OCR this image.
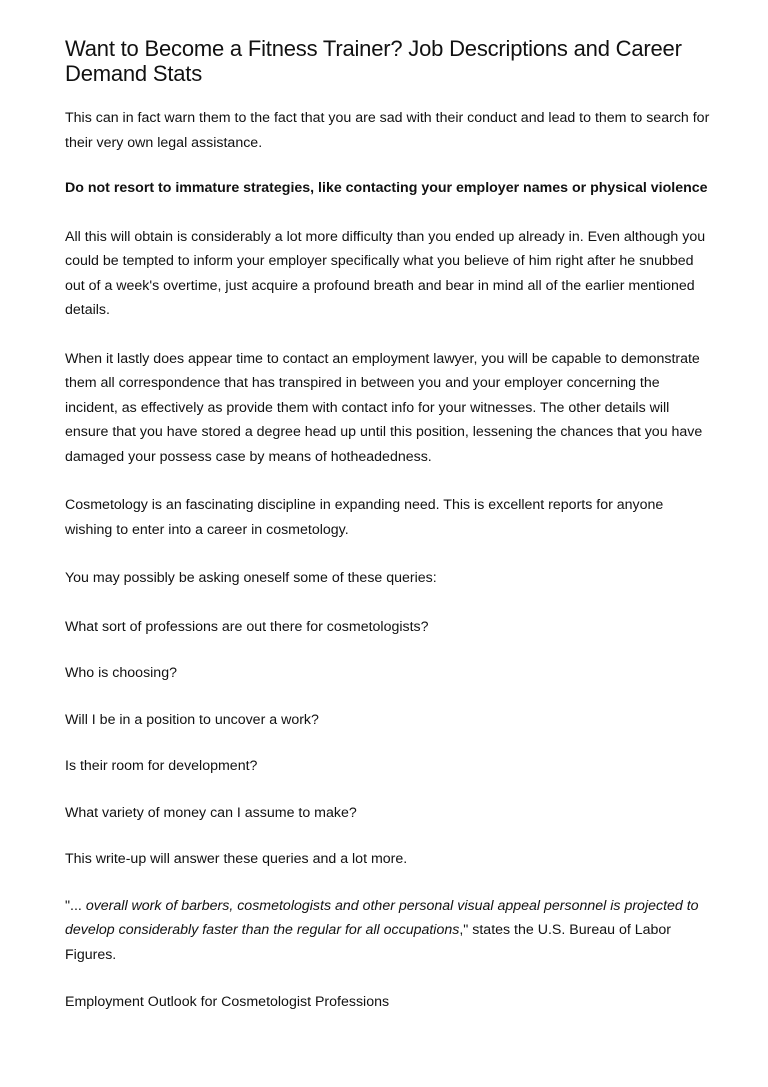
Want to Become a Fitness Trainer? Job Descriptions and Career Demand Stats

This can in fact warn them to the fact that you are sad with their conduct and lead to them to search for their very own legal assistance.

Do not resort to immature strategies, like contacting your employer names or physical violence

All this will obtain is considerably a lot more difficulty than you ended up already in. Even although you could be tempted to inform your employer specifically what you believe of him right after he snubbed out of a week's overtime, just acquire a profound breath and bear in mind all of the earlier mentioned details.

When it lastly does appear time to contact an employment lawyer, you will be capable to demonstrate them all correspondence that has transpired in between you and your employer concerning the incident, as effectively as provide them with contact info for your witnesses. The other details will ensure that you have stored a degree head up until this position, lessening the chances that you have damaged your possess case by means of hotheadedness.

Cosmetology is an fascinating discipline in expanding need. This is excellent reports for anyone wishing to enter into a career in cosmetology.

You may possibly be asking oneself some of these queries:

What sort of professions are out there for cosmetologists?

Who is choosing?

Will I be in a position to uncover a work?

Is their room for development?

What variety of money can I assume to make?

This write-up will answer these queries and a lot more.

"... overall work of barbers, cosmetologists and other personal visual appeal personnel is projected to develop considerably faster than the regular for all occupations," states the U.S. Bureau of Labor Figures.

Employment Outlook for Cosmetologist Professions
